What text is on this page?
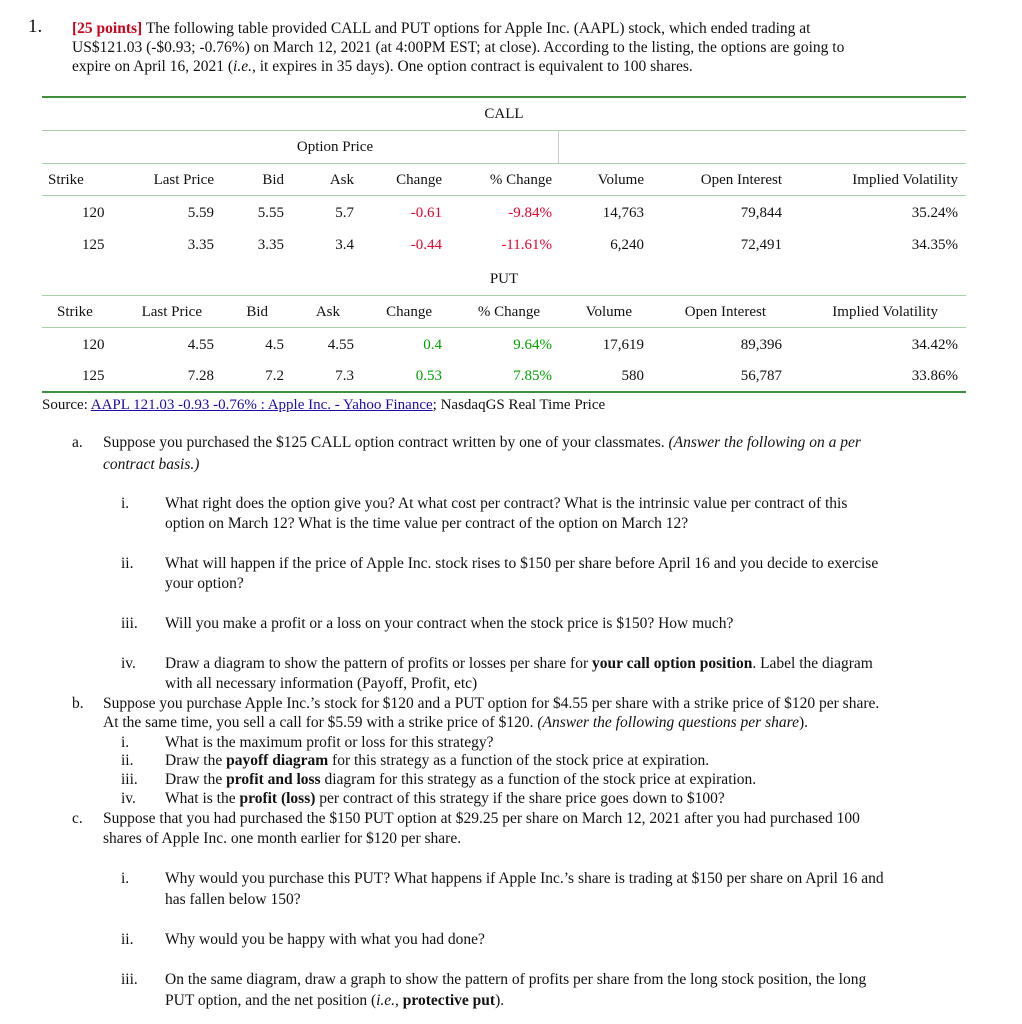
1. [25 points] The following table provided CALL and PUT options for Apple Inc. (AAPL) stock, which ended trading at
US$121.03 (-$0.93; -0.76%) on March 12, 2021 (at 4:00PM EST; at close). According to the listing, the options are going to
expire on April 16, 2021 (i.e., it expires in 35 days). One option contract is equivalent to 100 shares.
CALL
Option Price
Strike	Last Price	Bid	Ask	Change	% Change	Volume	Open Interest	Implied Volatility
120	5.59	5.55	5.7	-0.61	-9.84%	14,763	79,844	35.24%
125	3.35	3.35	3.4	-0.44	-11.61%	6,240	72,491	34.35%
PUT
Strike	Last Price	Bid	Ask	Change	% Change	Volume	Open Interest	Implied Volatility
120	4.55	4.5	4.55	0.4	9.64%	17,619	89,396	34.42%
125	7.28	7.2	7.3	0.53	7.85%	580	56,787	33.86%
Source: AAPL 121.03 -0.93 -0.76% : Apple Inc. - Yahoo Finance; NasdaqGS Real Time Price
a. Suppose you purchased the $125 CALL option contract written by one of your classmates. (Answer the following on a per
contract basis.)
i. What right does the option give you? At what cost per contract? What is the intrinsic value per contract of this
option on March 12? What is the time value per contract of the option on March 12?
ii. What will happen if the price of Apple Inc. stock rises to $150 per share before April 16 and you decide to exercise
your option?
iii. Will you make a profit or a loss on your contract when the stock price is $150? How much?
iv. Draw a diagram to show the pattern of profits or losses per share for your call option position. Label the diagram
with all necessary information (Payoff, Profit, etc)
b. Suppose you purchase Apple Inc.’s stock for $120 and a PUT option for $4.55 per share with a strike price of $120 per share.
At the same time, you sell a call for $5.59 with a strike price of $120. (Answer the following questions per share).
i. What is the maximum profit or loss for this strategy?
ii. Draw the payoff diagram for this strategy as a function of the stock price at expiration.
iii. Draw the profit and loss diagram for this strategy as a function of the stock price at expiration.
iv. What is the profit (loss) per contract of this strategy if the share price goes down to $100?
c. Suppose that you had purchased the $150 PUT option at $29.25 per share on March 12, 2021 after you had purchased 100
shares of Apple Inc. one month earlier for $120 per share.
i. Why would you purchase this PUT? What happens if Apple Inc.’s share is trading at $150 per share on April 16 and
has fallen below 150?
ii. Why would you be happy with what you had done?
iii. On the same diagram, draw a graph to show the pattern of profits per share from the long stock position, the long
PUT option, and the net position (i.e., protective put).
